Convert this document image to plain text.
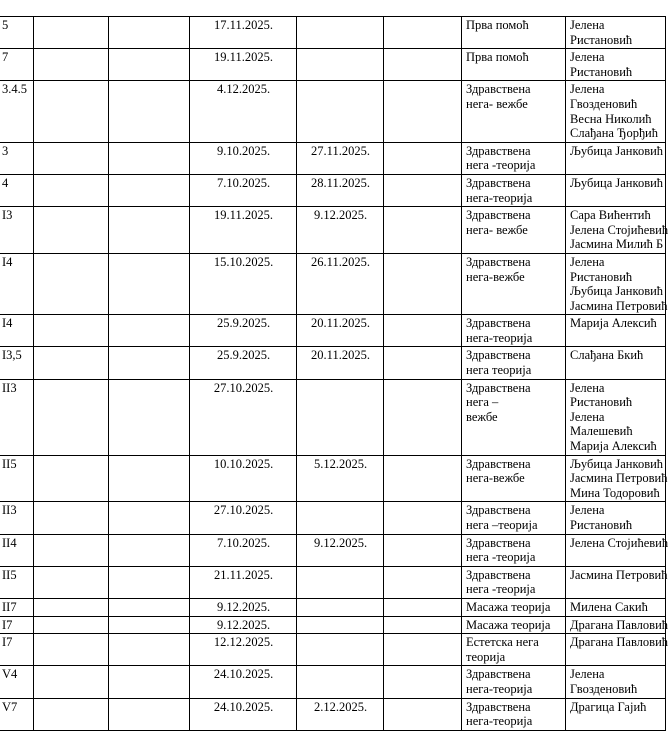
5			17.11.2025.			Прва помоћ	Јелена
Ристановић

7			19.11.2025.			Прва помоћ	Јелена
Ристановић

3.4.5			4.12.2025.			Здравствена
нега- вежбе	Јелена
Гвозденовић
Весна Николић
Слађана Ђорђић

3			9.10.2025.	27.11.2025.		Здравствена
нега -теорија	Љубица Јанковић

4			7.10.2025.	28.11.2025.		Здравствена
нега-теорија	Љубица Јанковић

I3			19.11.2025.	9.12.2025.		Здравствена
нега- вежбе	Сара Вићентић
Јелена Стојићевић
Јасмина Милић Б

I4			15.10.2025.	26.11.2025.		Здравствена
нега-вежбе	Јелена
Ристановић
Љубица Јанковић
Јасмина Петровић

I4			25.9.2025.	20.11.2025.		Здравствена
нега-теорија	Марија Алексић

I3,5			25.9.2025.	20.11.2025.		Здравствена
нега теорија	Слађана Бкић

II3			27.10.2025.			Здравствена
нега –
вежбе	Јелена
Ристановић
Јелена
Малешевић
Марија Алексић

II5			10.10.2025.	5.12.2025.		Здравствена
нега-вежбе	Љубица Јанковић
Јасмина Петровић
Мина Тодоровић

II3			27.10.2025.			Здравствена
нега –теорија	Јелена
Ристановић

II4			7.10.2025.	9.12.2025.		Здравствена
нега -теорија	Јелена Стојићевић

II5			21.11.2025.			Здравствена
нега -теорија	Јасмина Петровић

II7			9.12.2025.			Масажа теорија	Милена Сакић

I7			9.12.2025.			Масажа теорија	Драгана Павловић

I7			12.12.2025.			Естетска нега
теорија	Драгана Павловић

V4			24.10.2025.			Здравствена
нега-теорија	Јелена
Гвозденовић

V7			24.10.2025.	2.12.2025.		Здравствена
нега-теорија	Драгица Гајић
